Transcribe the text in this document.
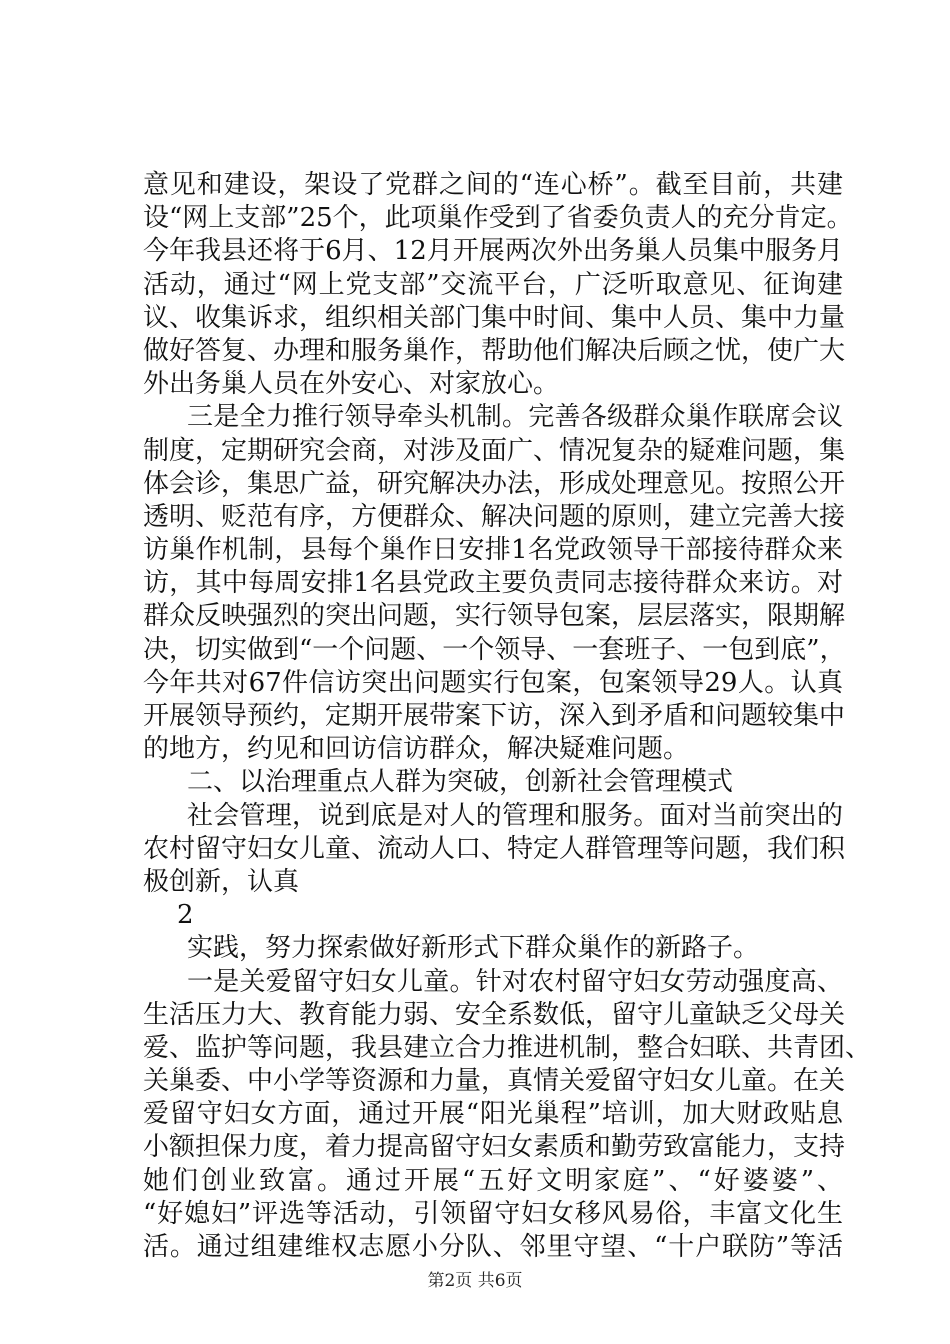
意见和建设，架设了党群之间的“连心桥”。截至目前，共建
设“网上支部”25个，此项巢作受到了省委负责人的充分肯定。
今年我县还将于6月、12月开展两次外出务巢人员集中服务月
活动，通过“网上党支部”交流平台，广泛听取意见、征询建
议、收集诉求，组织相关部门集中时间、集中人员、集中力量
做好答复、办理和服务巢作，帮助他们解决后顾之忧，使广大
外出务巢人员在外安心、对家放心。
三是全力推行领导牵头机制。完善各级群众巢作联席会议
制度，定期研究会商，对涉及面广、情况复杂的疑难问题，集
体会诊，集思广益，研究解决办法，形成处理意见。按照公开
透明、贬范有序，方便群众、解决问题的原则，建立完善大接
访巢作机制，县每个巢作日安排1名党政领导干部接待群众来
访，其中每周安排1名县党政主要负责同志接待群众来访。对
群众反映强烈的突出问题，实行领导包案，层层落实，限期解
决，切实做到“一个问题、一个领导、一套班子、一包到底”，
今年共对67件信访突出问题实行包案，包案领导29人。认真
开展领导预约，定期开展带案下访，深入到矛盾和问题较集中
的地方，约见和回访信访群众，解决疑难问题。
二、以治理重点人群为突破，创新社会管理模式
社会管理，说到底是对人的管理和服务。面对当前突出的
农村留守妇女儿童、流动人口、特定人群管理等问题，我们积
极创新，认真
2
实践，努力探索做好新形式下群众巢作的新路子。
一是关爱留守妇女儿童。针对农村留守妇女劳动强度高、
生活压力大、教育能力弱、安全系数低，留守儿童缺乏父母关
爱、监护等问题，我县建立合力推进机制，整合妇联、共青团、
关巢委、中小学等资源和力量，真情关爱留守妇女儿童。在关
爱留守妇女方面，通过开展“阳光巢程”培训，加大财政贴息
小额担保力度，着力提高留守妇女素质和勤劳致富能力，支持
她们创业致富。通过开展“五好文明家庭”、“好婆婆”、
“好媳妇”评选等活动，引领留守妇女移风易俗，丰富文化生
活。通过组建维权志愿小分队、邻里守望、“十户联防”等活
第2页 共6页
